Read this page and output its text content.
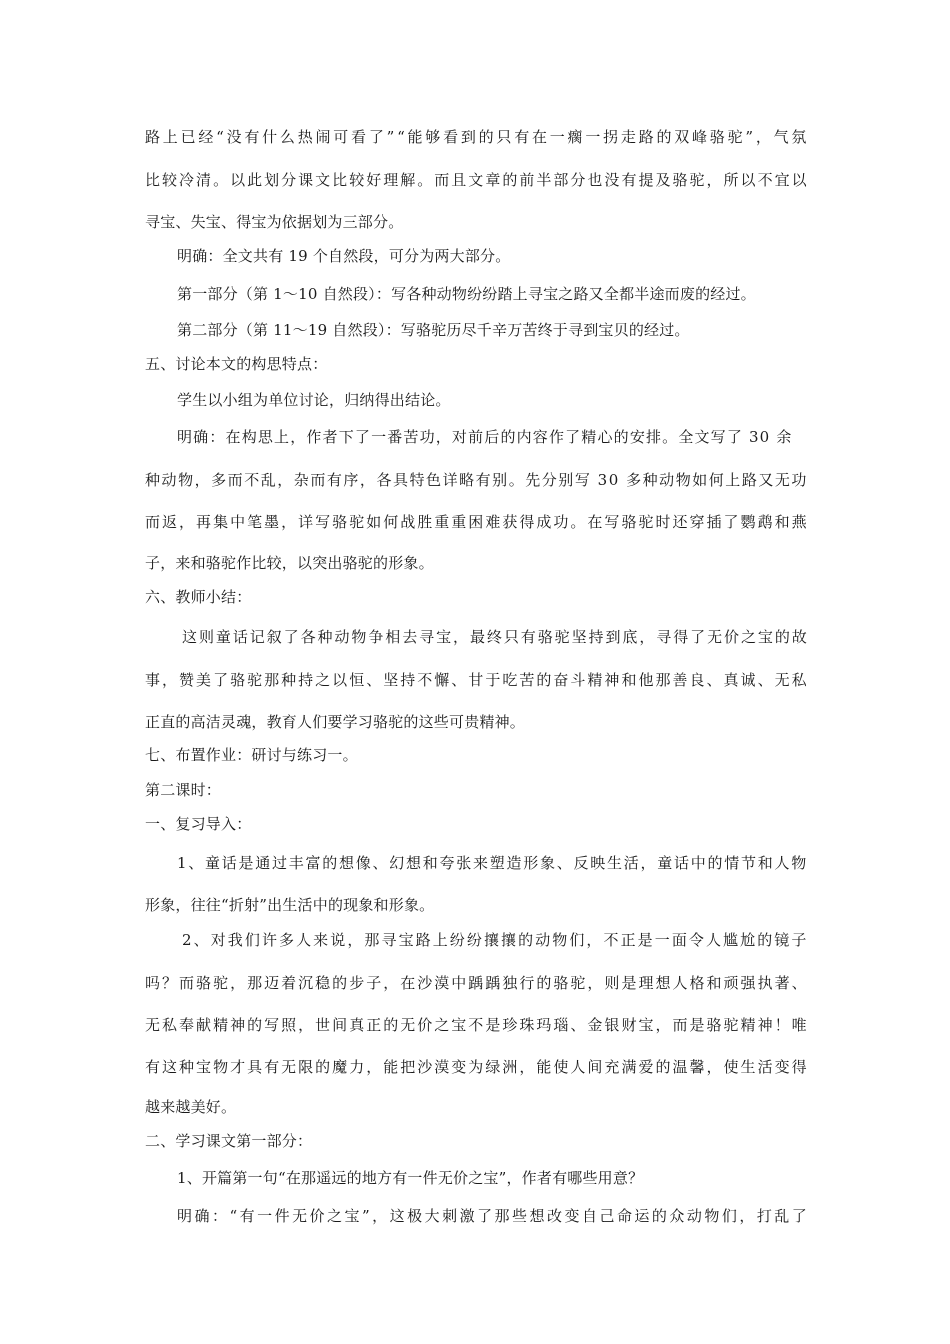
路 上 已 经 “ 没 有 什 么 热 闹 可 看 了 ” “ 能 够 看 到 的 只 有 在 一 瘸 一 拐 走 路 的 双 峰 骆 驼 ” ， 气 氛
比 较 冷 清 。 以 此 划 分 课 文 比 较 好 理 解 。 而 且 文 章 的 前 半 部 分 也 没 有 提 及 骆 驼 ， 所 以 不 宜 以
寻宝、失宝、得宝为依据划为三部分。
明确：全文共有 19 个自然段，可分为两大部分。
第一部分（第 1～10 自然段）：写各种动物纷纷踏上寻宝之路又全都半途而废的经过。
第二部分（第 11～19 自然段）：写骆驼历尽千辛万苦终于寻到宝贝的经过。
五、讨论本文的构思特点：
学生以小组为单位讨论，归纳得出结论。
明 确 ： 在 构 思 上 ， 作 者 下 了 一 番 苦 功 ， 对 前 后 的 内 容 作 了 精 心 的 安 排 。 全 文 写 了
3 0
余
种 动 物 ， 多 而 不 乱 ， 杂 而 有 序 ， 各 具 特 色 详 略 有 别 。 先 分 别 写
3 0
多 种 动 物 如 何 上 路 又 无 功
而 返 ， 再 集 中 笔 墨 ， 详 写 骆 驼 如 何 战 胜 重 重 困 难 获 得 成 功 。 在 写 骆 驼 时 还 穿 插 了 鹦 鹉 和 燕
子，来和骆驼作比较，以突出骆驼的形象。
六、教师小结：
这 则 童 话 记 叙 了 各 种 动 物 争 相 去 寻 宝 ， 最 终 只 有 骆 驼 坚 持 到 底 ， 寻 得 了 无 价 之 宝 的 故
事 ， 赞 美 了 骆 驼 那 种 持 之 以 恒 、 坚 持 不 懈 、 甘 于 吃 苦 的 奋 斗 精 神 和 他 那 善 良 、 真 诚 、 无 私
正直的高洁灵魂，教育人们要学习骆驼的这些可贵精神。
七、布置作业：研讨与练习一。
第二课时：
一、复习导入：
1 、 童 话 是 通 过 丰 富 的 想 像 、 幻 想 和 夸 张 来 塑 造 形 象 、 反 映 生 活 ， 童 话 中 的 情 节 和 人 物
形象，往往“折射”出生活中的现象和形象。
2 、 对 我 们 许 多 人 来 说 ， 那 寻 宝 路 上 纷 纷 攘 攘 的 动 物 们 ， 不 正 是 一 面 令 人 尴 尬 的 镜 子
吗 ？ 而 骆 驼 ， 那 迈 着 沉 稳 的 步 子 ， 在 沙 漠 中 踽 踽 独 行 的 骆 驼 ， 则 是 理 想 人 格 和 顽 强 执 著 、
无 私 奉 献 精 神 的 写 照 ， 世 间 真 正 的 无 价 之 宝 不 是 珍 珠 玛 瑙 、 金 银 财 宝 ， 而 是 骆 驼 精 神 ！ 唯
有 这 种 宝 物 才 具 有 无 限 的 魔 力 ， 能 把 沙 漠 变 为 绿 洲 ， 能 使 人 间 充 满 爱 的 温 馨 ， 使 生 活 变 得
越来越美好。
二、学习课文第一部分：
1、开篇第一句“在那遥远的地方有一件无价之宝”，作者有哪些用意？
明 确 ： “ 有 一 件 无 价 之 宝 ” ， 这 极 大 刺 激 了 那 些 想 改 变 自 己 命 运 的 众 动 物 们 ， 打 乱 了
